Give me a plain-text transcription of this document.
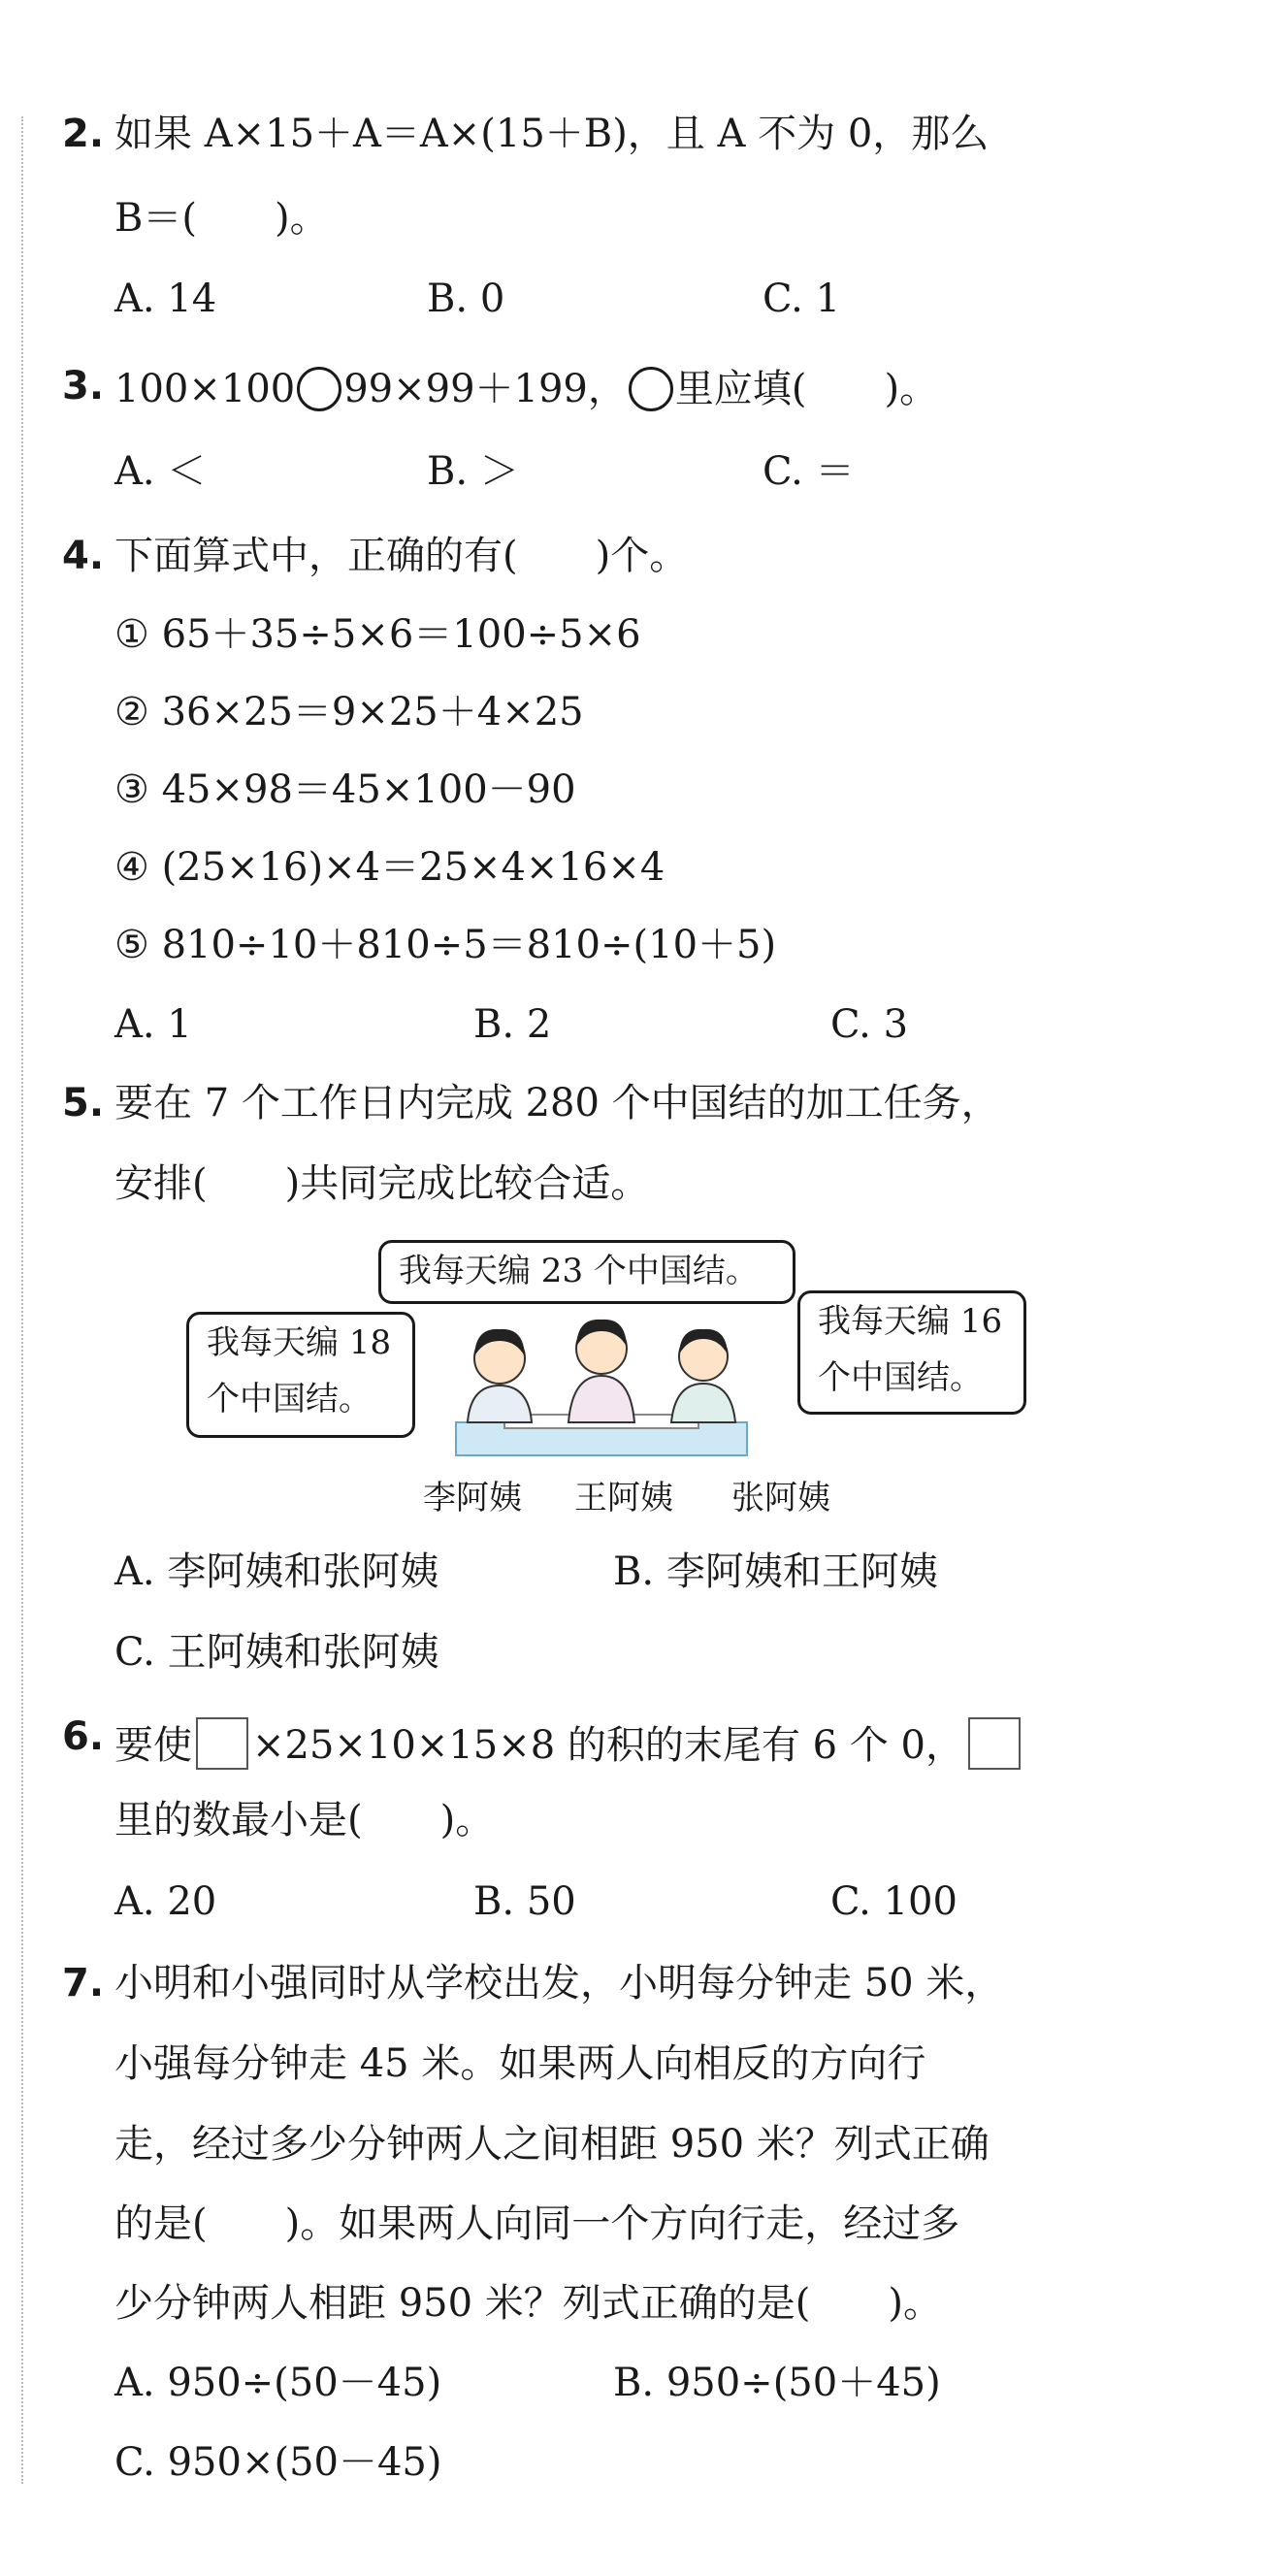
2. 如果 A×15＋A＝A×(15＋B)，且 A 不为 0，那么
B＝(　　)。
A. 14	B. 0	C. 1
3. 100×100 99×99＋199， 里应填(　　)。
A. ＜	B. ＞	C. ＝
4. 下面算式中，正确的有(　　)个。
① 65＋35÷5×6＝100÷5×6
② 36×25＝9×25＋4×25
③ 45×98＝45×100－90
④ (25×16)×4＝25×4×16×4
⑤ 810÷10＋810÷5＝810÷(10＋5)
A. 1	B. 2	C. 3
5. 要在 7 个工作日内完成 280 个中国结的加工任务，
安排(　　)共同完成比较合适。
我每天编 23 个中国结。
我每天编 18
个中国结。
我每天编 16
个中国结。
李阿姨 王阿姨 张阿姨
A. 李阿姨和张阿姨	B. 李阿姨和王阿姨
C. 王阿姨和张阿姨
6. 要使 ×25×10×15×8 的积的末尾有 6 个 0，
里的数最小是(　　)。
A. 20	B. 50	C. 100
7. 小明和小强同时从学校出发，小明每分钟走 50 米，
小强每分钟走 45 米。如果两人向相反的方向行
走，经过多少分钟两人之间相距 950 米？列式正确
的是(　　)。如果两人向同一个方向行走，经过多
少分钟两人相距 950 米？列式正确的是(　　)。
A. 950÷(50－45)	B. 950÷(50＋45)
C. 950×(50－45)
